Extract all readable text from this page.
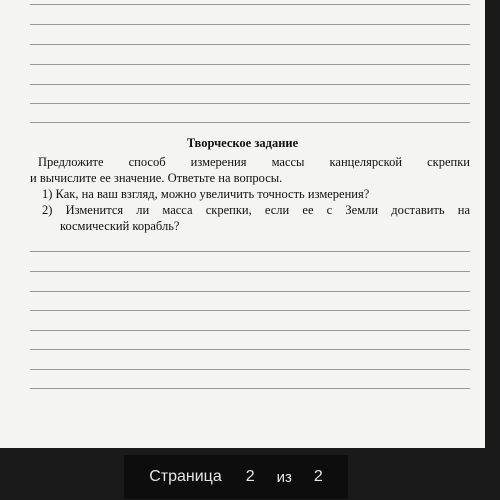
Творческое задание
Предложите способ измерения массы канцелярской скрепки
и вычислите ее значение. Ответьте на вопросы.
1) Как, на ваш взгляд, можно увеличить точность измерения?
2) Изменится ли масса скрепки, если ее с Земли доставить на
космический корабль?
Страница 2 из 2
